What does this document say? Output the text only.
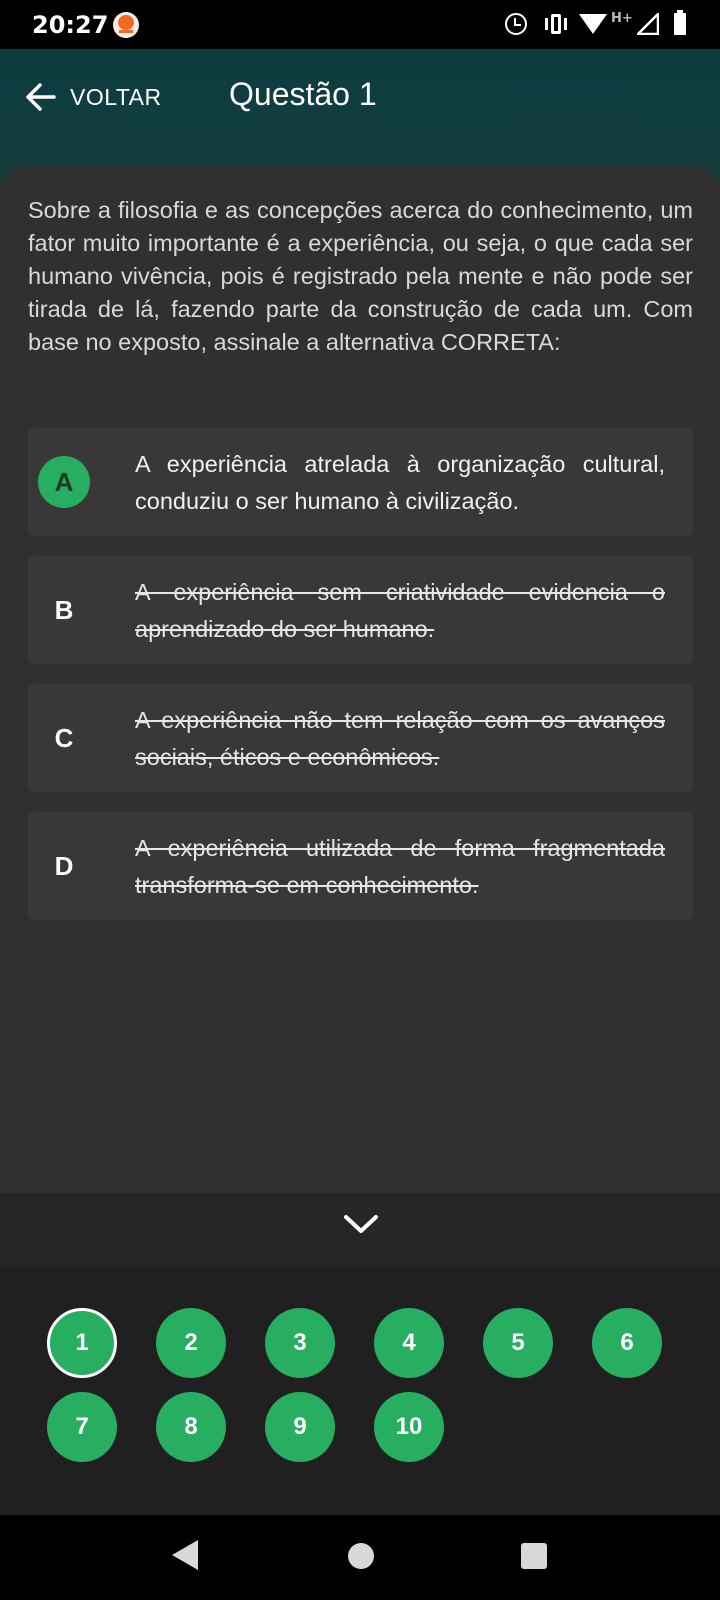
20:27	H+
VOLTAR Questão 1

Sobre a filosofia e as concepções acerca do conhecimento, um fator muito importante é a experiência, ou seja, o que cada ser humano vivência, pois é registrado pela mente e não pode ser tirada de lá, fazendo parte da construção de cada um. Com base no exposto, assinale a alternativa CORRETA:

A
A experiência atrelada à organização cultural, conduziu o ser humano à civilização.
B
A experiência sem criatividade evidencia o aprendizado do ser humano.
C
A experiência não tem relação com os avanços sociais, éticos e econômicos.
D
A experiência utilizada de forma fragmentada transforma-se em conhecimento.
1	2	3	4	5	6
7	8	9	10
